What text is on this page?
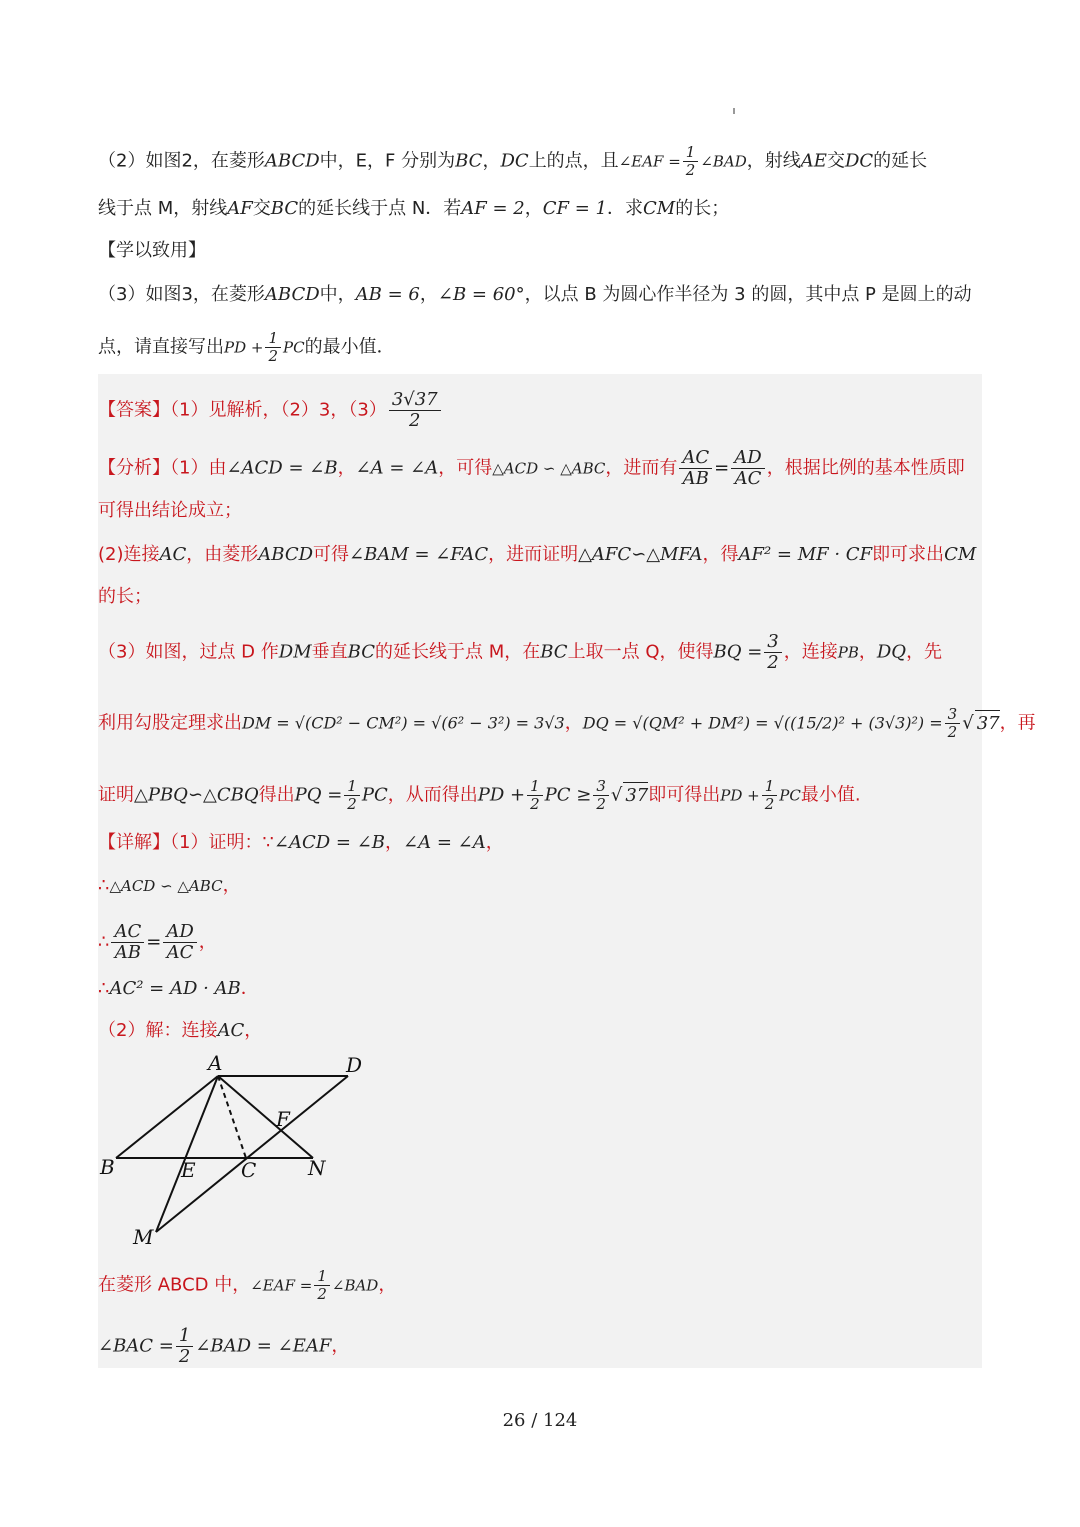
（2）如图2，在菱形ABCD中，E，F 分别为BC，DC上的点，且∠EAF = $\frac{1}{2}$ ∠BAD，射线AE交DC的延长
线于点 M，射线AF交BC的延长线于点 N．若AF = 2，CF = 1．求CM的长；
【学以致用】
（3）如图3，在菱形ABCD中，AB = 6，∠B = 60°，以点 B 为圆心作半径为 3 的圆，其中点 P 是圆上的动
点，请直接写出PD + $\frac{1}{2}$ PC的最小值．
【答案】（1）见解析，（2）3，$(3) \frac{3√37}{2}$
【分析】（1）由∠ACD = ∠B，∠A = ∠A，可得△ACD ∽ △ABC，进而有 $\frac{AC}{AB} = \frac{AD}{AC}$ ，根据比例的基本性质即
可得出结论成立；
(2)连接AC，由菱形ABCD可得∠BAM = ∠FAC，进而证明△AFC∽△MFA，得AF² = MF · CF即可求出CM
的长；
（3）如图，过点 D 作DM垂直BC的延长线于点 M，在BC上取一点 Q，使得BQ = $\frac{3}{2}$ ，连接PB，DQ，先
利用勾股定理求出DM = √(CD² − CM²) = √(6² − 3²) = 3√3，DQ = $√(QM^2 + DM^2) = √((15/2)^2 + (3√3)^2) = \frac{3}{2}$ √ 37，再
证明△PBQ∽△CBQ得出PQ = $\frac{1}{2}$ PC，从而得出PD + $\frac{1}{2}$ PC ≥ $\frac{3}{2}$ √ 37即可得出PD + $\frac{1}{2}$ PC最小值.
【详解】（1）证明：∵∠ACD = ∠B，∠A = ∠A，
∴△ACD ∽ △ABC，
∴ $\frac{AC}{AB} = \frac{AD}{AC}$ ，
∴AC² = AD · AB．
（2）解：连接AC，
A	D
F
B	E C	N
M
在菱形 ABCD 中，∠EAF = $\frac{1}{2}$ ∠BAD，
∠BAC = $\frac{1}{2}$ ∠BAD = ∠EAF，
26 / 124
